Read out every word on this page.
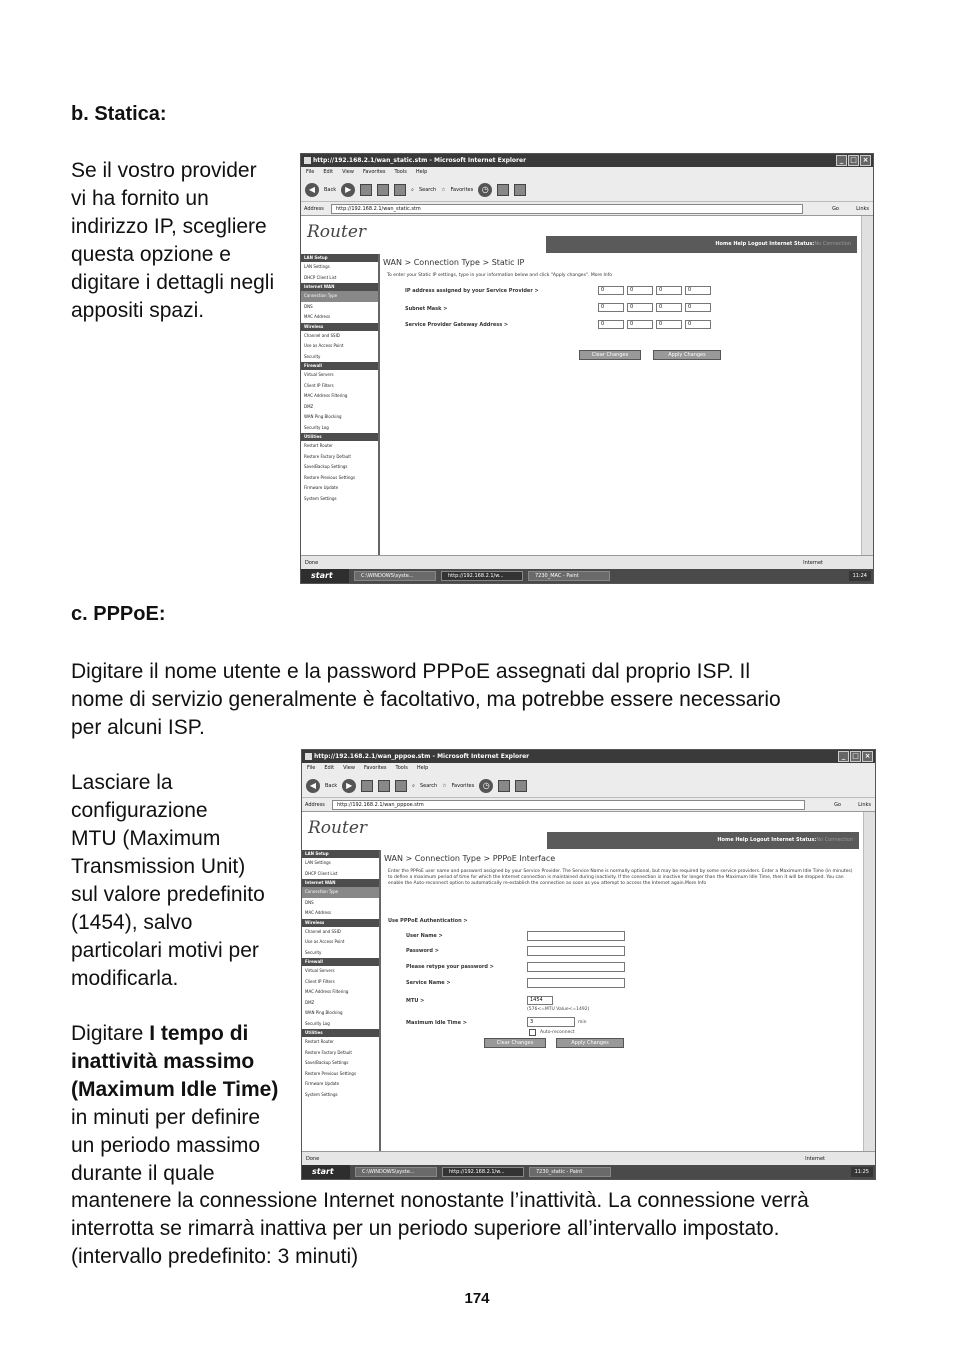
b. Statica:
Se il vostro provider
vi ha fornito un
indirizzo IP, scegliere
questa opzione e
digitare i dettagli negli
appositi spazi.
c. PPPoE:
Digitare il nome utente e la password PPPoE assegnati dal proprio ISP. Il
nome di servizio generalmente è facoltativo, ma potrebbe essere necessario
per alcuni ISP.
Lasciare la
configurazione
MTU (Maximum
Transmission Unit)
sul valore predefinito
(1454), salvo
particolari motivi per
modificarla.
Digitare I tempo di
inattività massimo
(Maximum Idle Time)
in minuti per definire
un periodo massimo
durante il quale
mantenere la connessione Internet nonostante l’inattività. La connessione verrà
interrotta se rimarrà inattiva per un periodo superiore all’intervallo impostato.
(intervallo predefinito: 3 minuti)
174
http://192.168.2.1/wan_static.stm - Microsoft Internet Explorer	_ □ ×
File Edit View Favorites Tools Help
◀	Back	▶	⌕ Search ☆ Favorites	◷
Address	http://192.168.2.1/wan_static.stm	Go	Links
Router
Home Help Logout Internet Status:No Connection
LAN Setup
LAN Settings
DHCP Client List
Internet WAN
Connection Type
DNS
MAC Address
Wireless
Channel and SSID
Use as Access Point
Security
Firewall
Virtual Servers
Client IP Filters
MAC Address Filtering
DMZ
WAN Ping Blocking
Security Log
Utilities
Restart Router
Restore Factory Default
Save/Backup Settings
Restore Previous Settings
Firmware Update
System Settings
WAN > Connection Type > Static IP
To enter your Static IP settings, type in your information below and click "Apply changes". More Info
IP address assigned by your Service Provider >	0	0	0	0
Subnet Mask >	0	0	0	0
Service Provider Gateway Address >	0	0	0	0
Clear Changes	Apply Changes
Done	Internet
start	C:\WINDOWS\syste...	http://192.168.2.1/w...	7230_MAC - Paint	11:24
http://192.168.2.1/wan_pppoe.stm - Microsoft Internet Explorer	_ □ ×
File Edit View Favorites Tools Help
◀	Back	▶	⌕ Search ☆ Favorites	◷
Address	http://192.168.2.1/wan_pppoe.stm	Go	Links
Router
Home Help Logout Internet Status:No Connection
LAN Setup
LAN Settings
DHCP Client List
Internet WAN
Connection Type
DNS
MAC Address
Wireless
Channel and SSID
Use as Access Point
Security
Firewall
Virtual Servers
Client IP Filters
MAC Address Filtering
DMZ
WAN Ping Blocking
Security Log
Utilities
Restart Router
Restore Factory Default
Save/Backup Settings
Restore Previous Settings
Firmware Update
System Settings
WAN > Connection Type > PPPoE Interface
Enter the PPPoE user name and password assigned by your Service Provider. The Service Name is normally optional, but may be required by some service providers. Enter a Maximum Idle Time (in minutes) to define a maximum period of time for which the Internet connection is maintained during inactivity. If the connection is inactive for longer than the Maximum Idle Time, then it will be dropped. You can enable the Auto-reconnect option to automatically re-establish the connection as soon as you attempt to access the Internet again.More Info
Use PPPoE Authentication >
User Name >
Password >
Please retype your password >
Service Name >
MTU >	1454
(576<=MTU Value<=1492)
Maximum Idle Time >	3	min
Auto-reconnect
Clear Changes	Apply Changes
Done	Internet
start	C:\WINDOWS\syste...	http://192.168.2.1/w...	7230_static - Paint	11:25
